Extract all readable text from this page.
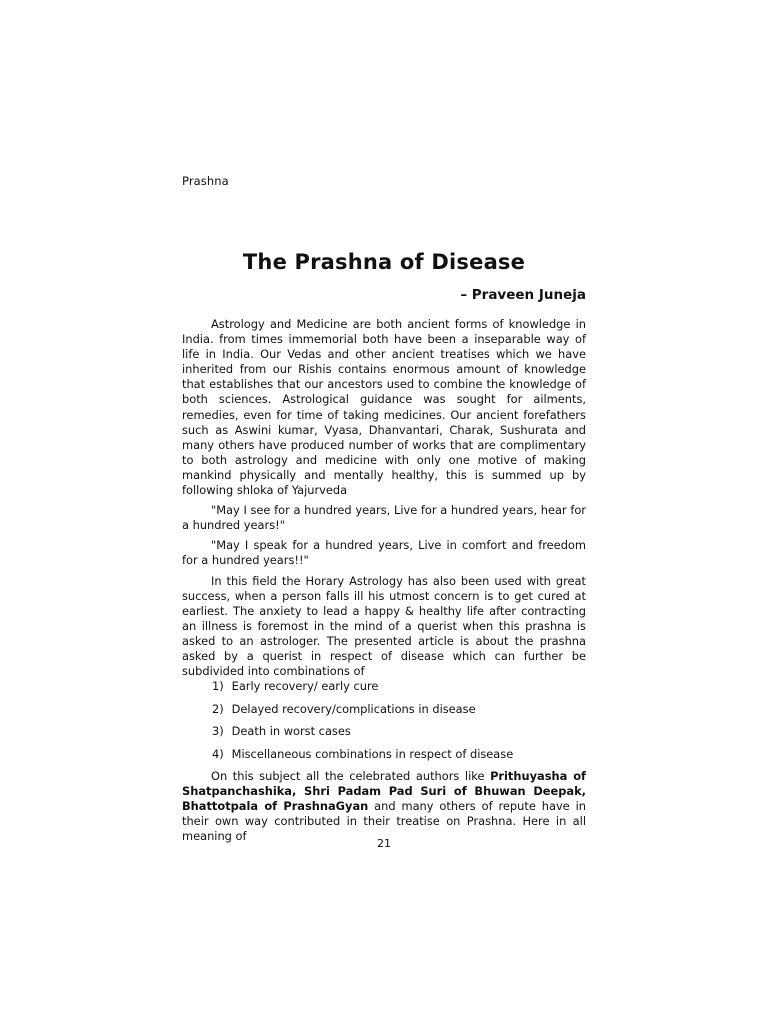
Prashna
The Prashna of Disease
– Praveen Juneja

Astrology and Medicine are both ancient forms of knowledge in India. from times immemorial both have been a inseparable way of life in India. Our Vedas and other ancient treatises which we have inherited from our Rishis contains enormous amount of knowledge that establishes that our ancestors used to combine the knowledge of both sciences. Astrological guidance was sought for ailments, remedies, even for time of taking medicines. Our ancient forefathers such as Aswini kumar, Vyasa, Dhanvantari, Charak, Sushurata and many others have produced number of works that are complimentary to both astrology and medicine with only one motive of making mankind physically and mentally healthy, this is summed up by following shloka of Yajurveda

"May I see for a hundred years, Live for a hundred years, hear for a hundred years!"

"May I speak for a hundred years, Live in comfort and freedom for a hundred years!!"

In this field the Horary Astrology has also been used with great success, when a person falls ill his utmost concern is to get cured at earliest. The anxiety to lead a happy & healthy life after contracting an illness is foremost in the mind of a querist when this prashna is asked to an astrologer. The presented article is about the prashna asked by a querist in respect of disease which can further be subdivided into combinations of

1) Early recovery/ early cure
2) Delayed recovery/complications in disease
3) Death in worst cases
4) Miscellaneous combinations in respect of disease

On this subject all the celebrated authors like Prithuyasha of Shatpanchashika, Shri Padam Pad Suri of Bhuwan Deepak, Bhattotpala of PrashnaGyan and many others of repute have in their own way contributed in their treatise on Prashna. Here in all meaning of

21
